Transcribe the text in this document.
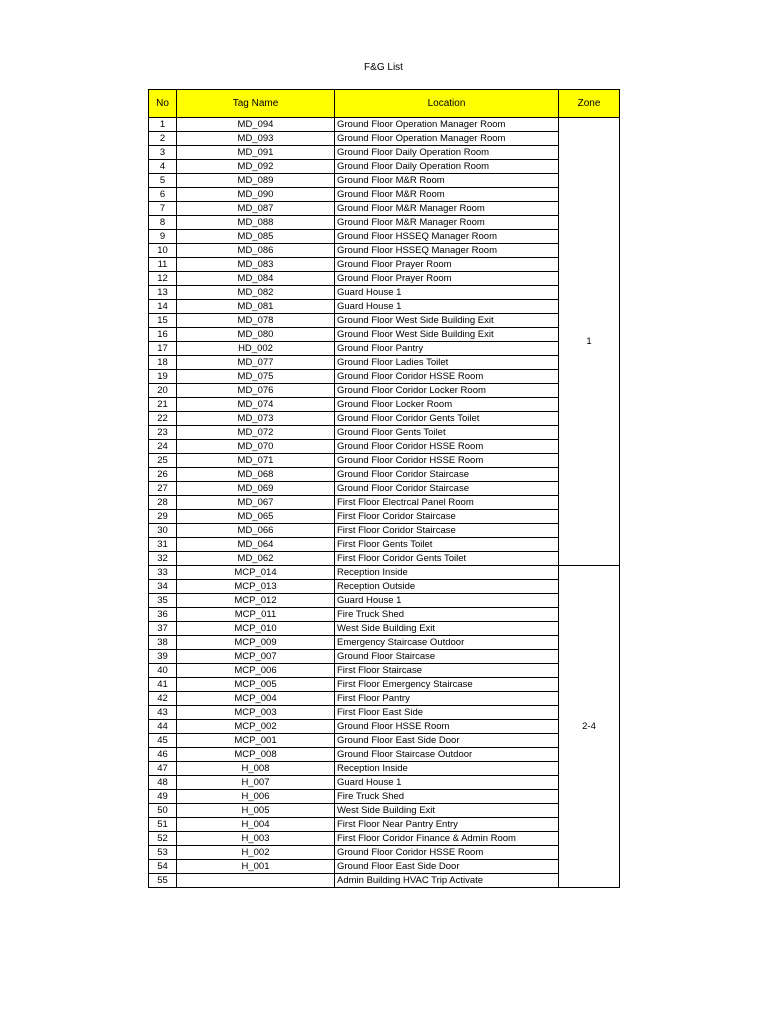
F&G List
No	Tag Name	Location	Zone
1	MD_094	Ground Floor Operation Manager Room	1
2	MD_093	Ground Floor Operation Manager Room	
3	MD_091	Ground Floor Daily Operation Room	
4	MD_092	Ground Floor Daily Operation Room	
5	MD_089	Ground Floor M&R Room	
6	MD_090	Ground Floor M&R Room	
7	MD_087	Ground Floor M&R Manager Room	
8	MD_088	Ground Floor M&R Manager Room	
9	MD_085	Ground Floor HSSEQ Manager Room	
10	MD_086	Ground Floor HSSEQ Manager Room	
11	MD_083	Ground Floor Prayer Room	
12	MD_084	Ground Floor Prayer Room	
13	MD_082	Guard House 1	
14	MD_081	Guard House 1	
15	MD_078	Ground Floor West Side Building Exit	
16	MD_080	Ground Floor West Side Building Exit	
17	HD_002	Ground Floor Pantry	
18	MD_077	Ground Floor Ladies Toilet	
19	MD_075	Ground Floor Coridor HSSE Room	
20	MD_076	Ground Floor Coridor Locker Room	
21	MD_074	Ground Floor Locker Room	
22	MD_073	Ground Floor Coridor Gents Toilet	
23	MD_072	Ground Floor Gents Toilet	
24	MD_070	Ground Floor Coridor HSSE Room	
25	MD_071	Ground Floor Coridor HSSE Room	
26	MD_068	Ground Floor Coridor Staircase	
27	MD_069	Ground Floor Coridor Staircase	
28	MD_067	First Floor Electrcal Panel Room	
29	MD_065	First Floor Coridor Staircase	
30	MD_066	First Floor Coridor Staircase	
31	MD_064	First Floor Gents Toilet	
32	MD_062	First Floor Coridor Gents Toilet	
33	MCP_014	Reception Inside	2-4
34	MCP_013	Reception Outside	
35	MCP_012	Guard House 1	
36	MCP_011	Fire Truck Shed	
37	MCP_010	West Side Building Exit	
38	MCP_009	Emergency Staircase Outdoor	
39	MCP_007	Ground Floor Staircase	
40	MCP_006	First Floor Staircase	
41	MCP_005	First Floor Emergency Staircase	
42	MCP_004	First Floor Pantry	
43	MCP_003	First Floor East Side	
44	MCP_002	Ground Floor HSSE Room	
45	MCP_001	Ground Floor East Side Door	
46	MCP_008	Ground Floor Staircase Outdoor	
47	H_008	Reception Inside	
48	H_007	Guard House 1	
49	H_006	Fire Truck Shed	
50	H_005	West Side Building Exit	
51	H_004	First Floor Near Pantry Entry	
52	H_003	First Floor Coridor Finance & Admin Room	
53	H_002	Ground Floor Coridor HSSE Room	
54	H_001	Ground Floor East Side Door	
55		Admin Building HVAC Trip Activate	
